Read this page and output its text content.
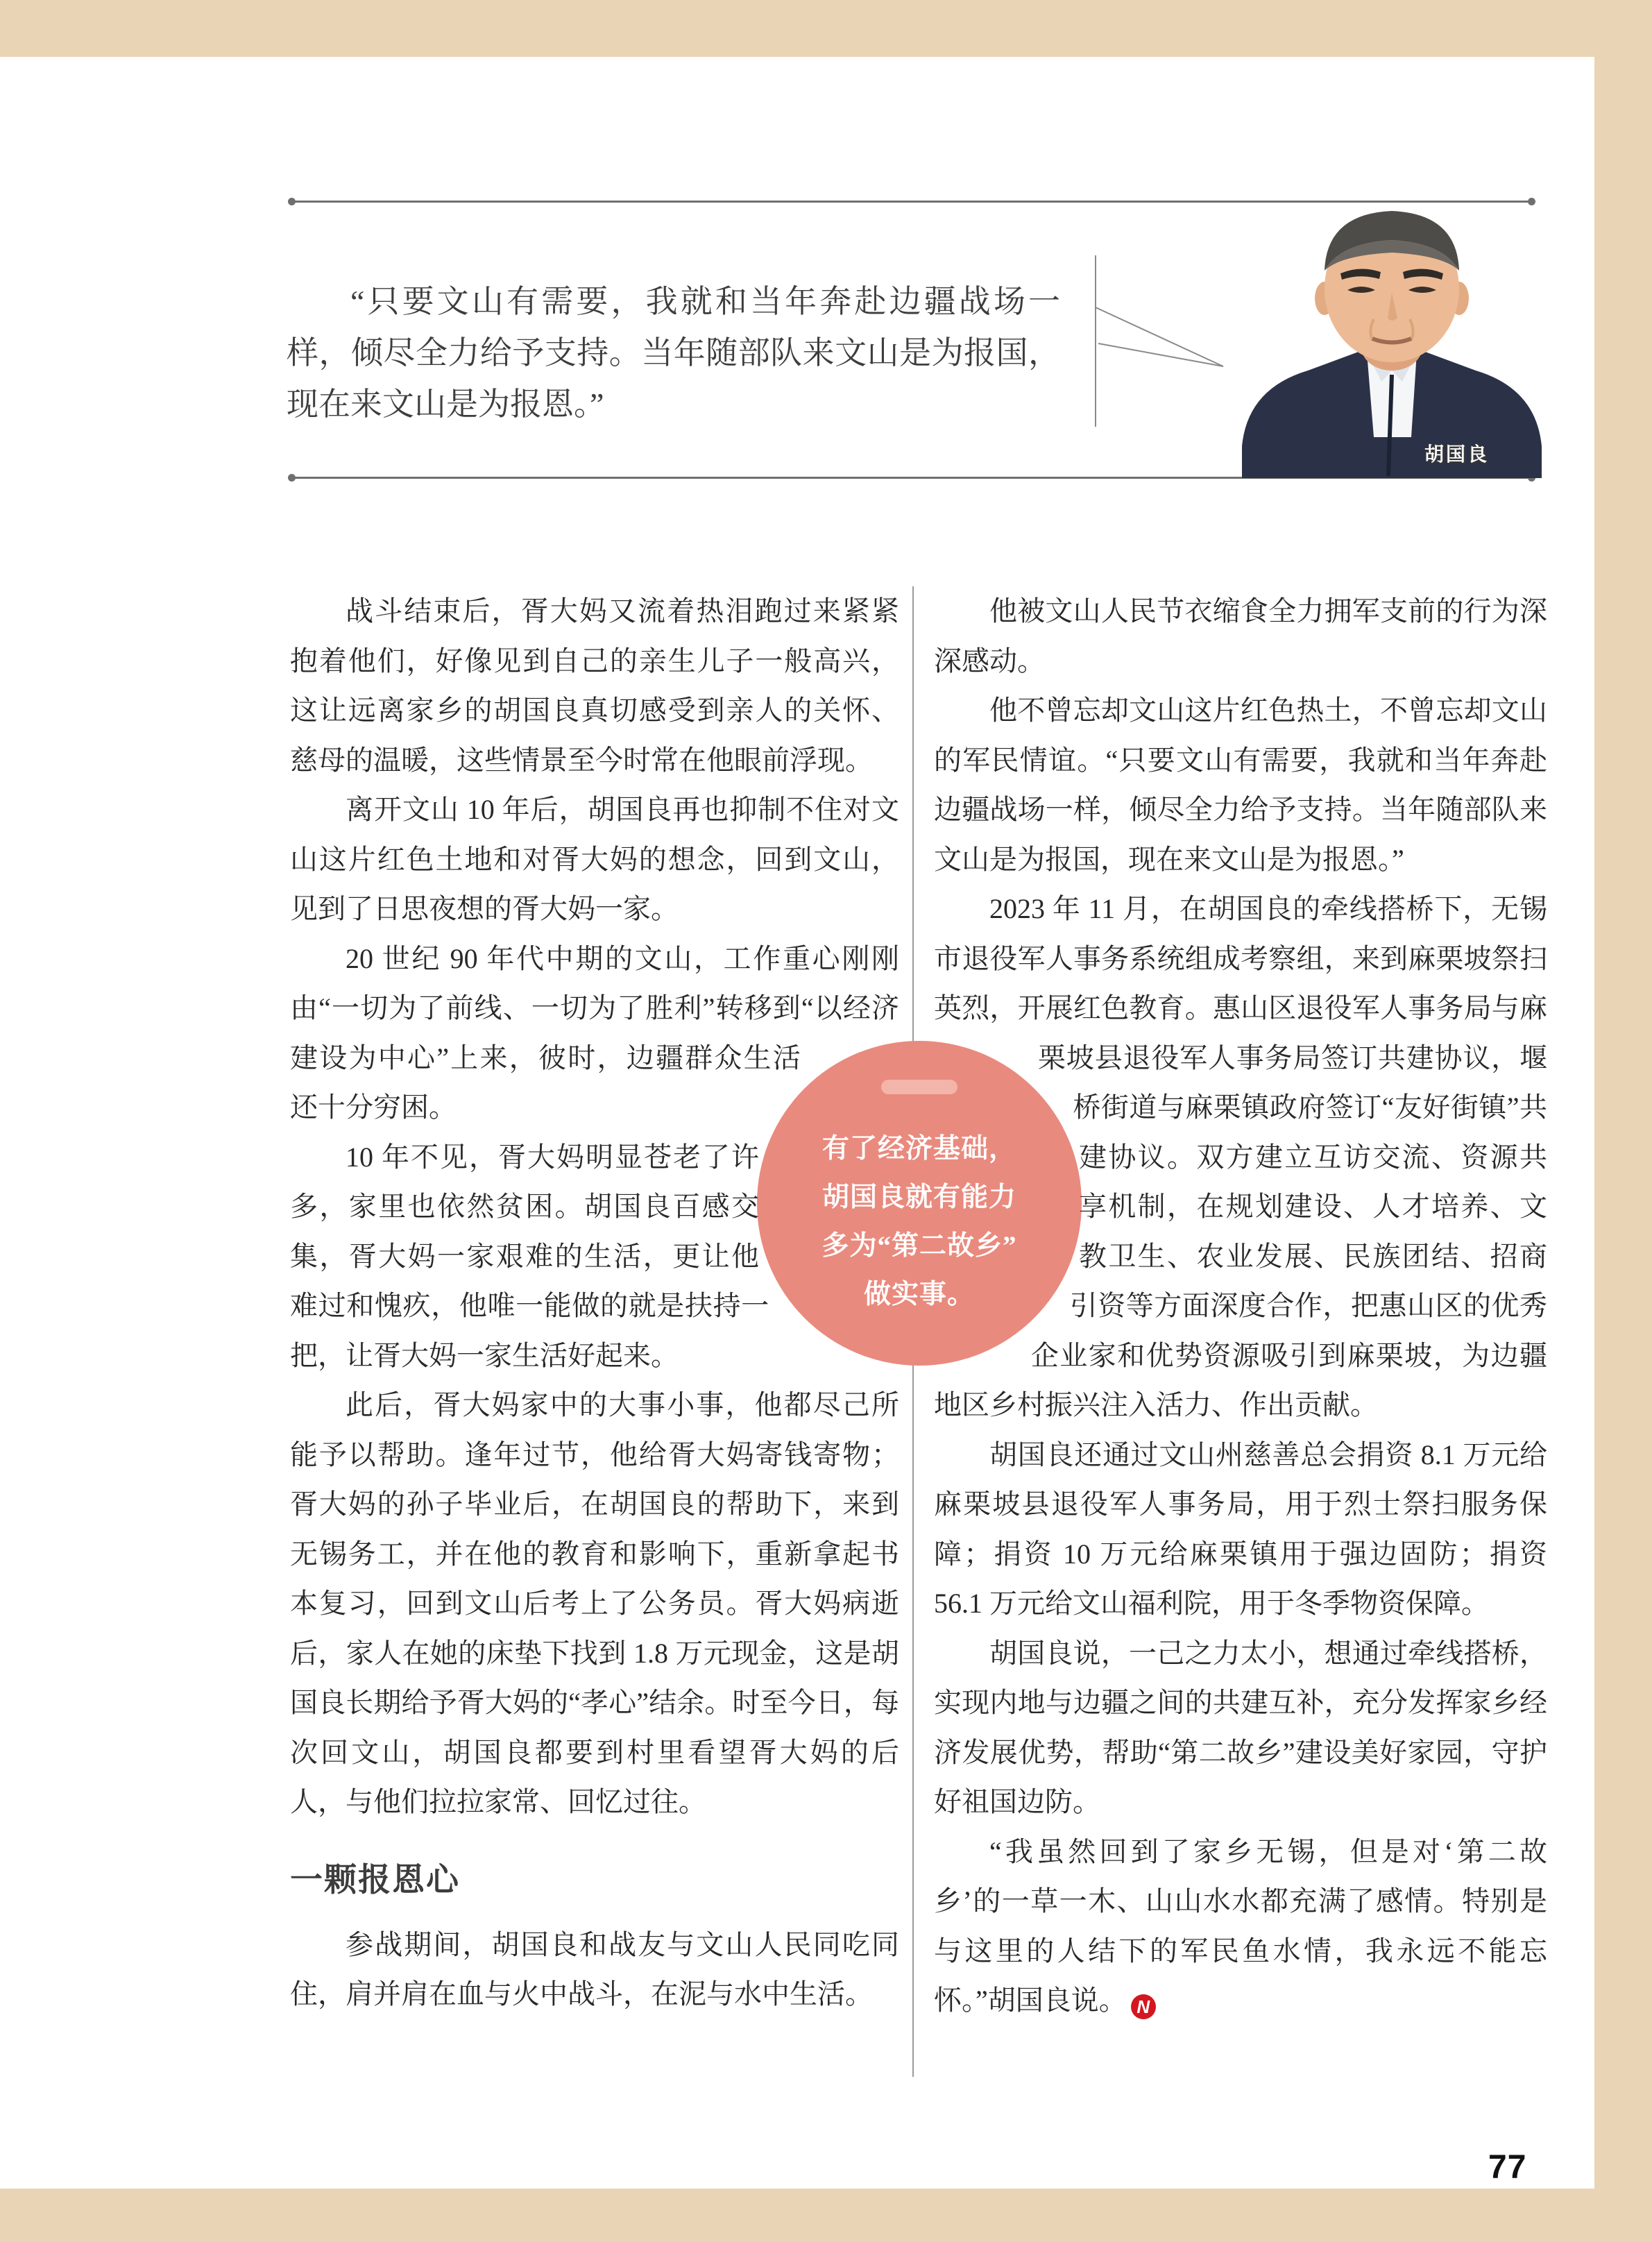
“只要文山有需要，我就和当年奔赴边疆战场一样，倾尽全力给予支持。当年随部队来文山是为报国，现在来文山是为报恩。”
胡国良
有了经济基础，
胡国良就有能力
多为“第二故乡”
做实事。

战斗结束后，胥大妈又流着热泪跑过来紧紧抱着他们，好像见到自己的亲生儿子一般高兴，这让远离家乡的胡国良真切感受到亲人的关怀、慈母的温暖，这些情景至今时常在他眼前浮现。

离开文山 10 年后，胡国良再也抑制不住对文山这片红色土地和对胥大妈的想念，回到文山，见到了日思夜想的胥大妈一家。

20 世纪 90 年代中期的文山，工作重心刚刚由“一切为了前线、一切为了胜利”转移到“以经济建设为中心”上来，彼时，边疆群众生活还十分穷困。

10 年不见，胥大妈明显苍老了许多，家里也依然贫困。胡国良百感交集，胥大妈一家艰难的生活，更让他难过和愧疚，他唯一能做的就是扶持一把，让胥大妈一家生活好起来。

此后，胥大妈家中的大事小事，他都尽己所能予以帮助。逢年过节，他给胥大妈寄钱寄物；胥大妈的孙子毕业后，在胡国良的帮助下，来到无锡务工，并在他的教育和影响下，重新拿起书本复习，回到文山后考上了公务员。胥大妈病逝后，家人在她的床垫下找到 1.8 万元现金，这是胡国良长期给予胥大妈的“孝心”结余。时至今日，每次回文山，胡国良都要到村里看望胥大妈的后人，与他们拉拉家常、回忆过往。

一颗报恩心

参战期间，胡国良和战友与文山人民同吃同住，肩并肩在血与火中战斗，在泥与水中生活。

他被文山人民节衣缩食全力拥军支前的行为深深感动。

他不曾忘却文山这片红色热土，不曾忘却文山的军民情谊。“只要文山有需要，我就和当年奔赴边疆战场一样，倾尽全力给予支持。当年随部队来文山是为报国，现在来文山是为报恩。”

2023 年 11 月，在胡国良的牵线搭桥下，无锡市退役军人事务系统组成考察组，来到麻栗坡祭扫英烈，开展红色教育。惠山区退役军人事务局与麻栗坡县退役军人事务局签订共建协议，堰桥街道与麻栗镇政府签订“友好街镇”共建协议。双方建立互访交流、资源共享机制，在规划建设、人才培养、文教卫生、农业发展、民族团结、招商引资等方面深度合作，把惠山区的优秀企业家和优势资源吸引到麻栗坡，为边疆地区乡村振兴注入活力、作出贡献。

胡国良还通过文山州慈善总会捐资 8.1 万元给麻栗坡县退役军人事务局，用于烈士祭扫服务保障；捐资 10 万元给麻栗镇用于强边固防；捐资 56.1 万元给文山福利院，用于冬季物资保障。

胡国良说，一己之力太小，想通过牵线搭桥，实现内地与边疆之间的共建互补，充分发挥家乡经济发展优势，帮助“第二故乡”建设美好家园，守护好祖国边防。

“我虽然回到了家乡无锡，但是对‘第二故乡’的一草一木、山山水水都充满了感情。特别是与这里的人结下的军民鱼水情，我永远不能忘怀。”胡国良说。 N

77
